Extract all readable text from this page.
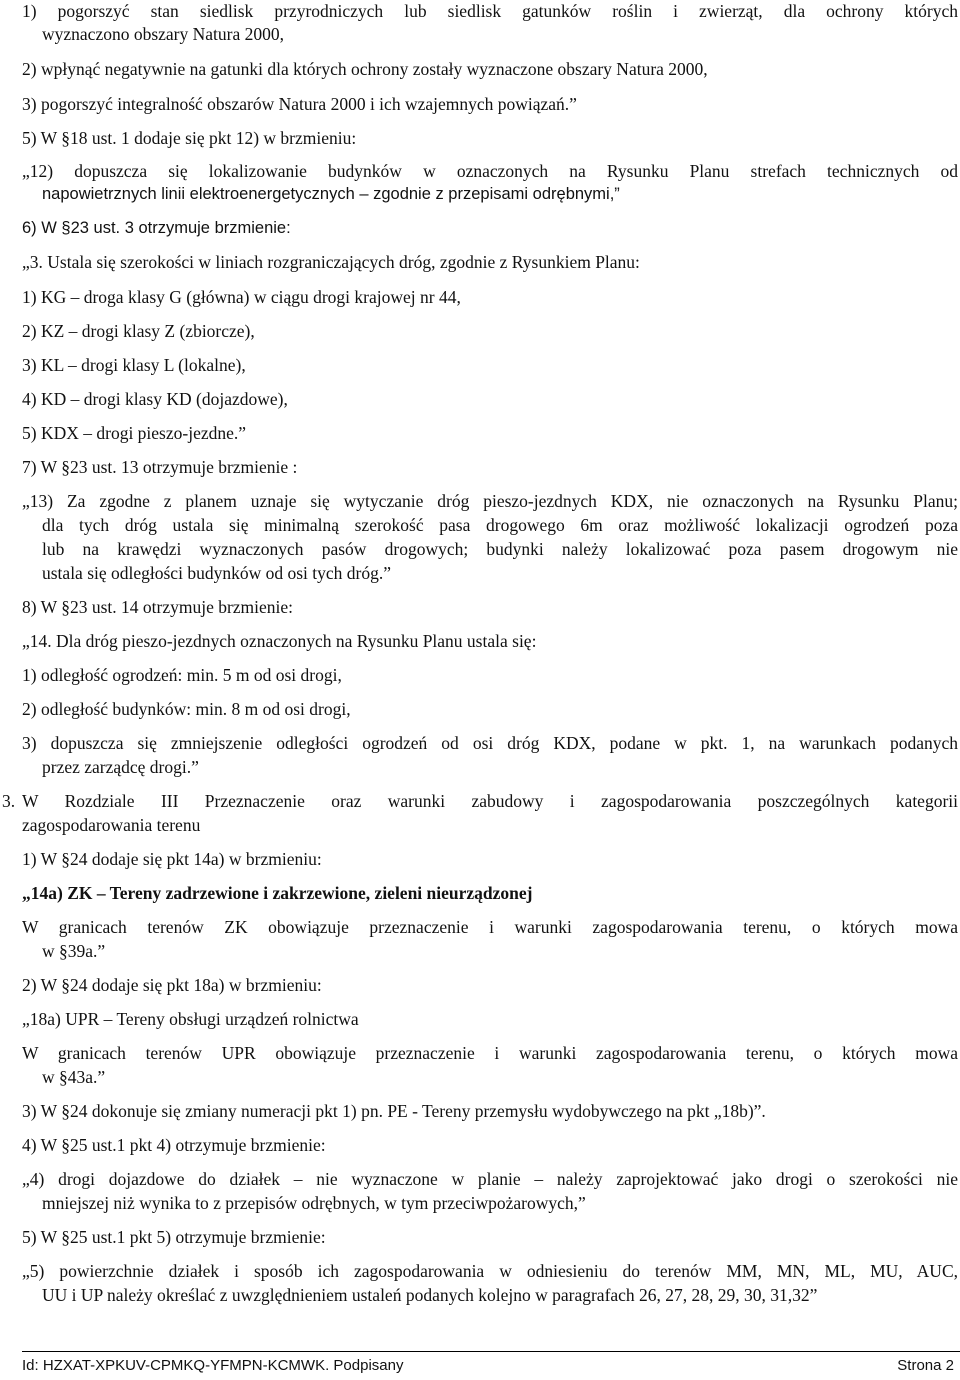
1) pogorszyć stan siedlisk przyrodniczych lub siedlisk gatunków roślin i zwierząt, dla ochrony których

wyznaczono obszary Natura 2000,

2) wpłynąć negatywnie na gatunki dla których ochrony zostały wyznaczone obszary Natura 2000,

3) pogorszyć integralność obszarów Natura 2000 i ich wzajemnych powiązań.”

5) W §18 ust. 1 dodaje się pkt 12) w brzmieniu:

„12) dopuszcza się lokalizowanie budynków w oznaczonych na Rysunku Planu strefach technicznych od

napowietrznych linii elektroenergetycznych – zgodnie z przepisami odrębnymi,”

6) W §23 ust. 3 otrzymuje brzmienie:

„3. Ustala się szerokości w liniach rozgraniczających dróg, zgodnie z Rysunkiem Planu:

1) KG – droga klasy G (główna) w ciągu drogi krajowej nr 44,

2) KZ – drogi klasy Z (zbiorcze),

3) KL – drogi klasy L (lokalne),

4) KD – drogi klasy KD (dojazdowe),

5) KDX – drogi pieszo-jezdne.”

7) W §23 ust. 13 otrzymuje brzmienie :

„13) Za zgodne z planem uznaje się wytyczanie dróg pieszo-jezdnych KDX, nie oznaczonych na Rysunku Planu;

dla tych dróg ustala się minimalną szerokość pasa drogowego 6m oraz możliwość lokalizacji ogrodzeń poza

lub na krawędzi wyznaczonych pasów drogowych; budynki należy lokalizować poza pasem drogowym nie

ustala się odległości budynków od osi tych dróg.”

8) W §23 ust. 14 otrzymuje brzmienie:

„14. Dla dróg pieszo-jezdnych oznaczonych na Rysunku Planu ustala się:

1) odległość ogrodzeń: min. 5 m od osi drogi,

2) odległość budynków: min. 8 m od osi drogi,

3) dopuszcza się zmniejszenie odległości ogrodzeń od osi dróg KDX, podane w pkt. 1, na warunkach podanych

przez zarządcę drogi.”

3. W Rozdziale III Przeznaczenie oraz warunki zabudowy i zagospodarowania poszczególnych kategorii

zagospodarowania terenu

1) W §24 dodaje się pkt 14a) w brzmieniu:

„14a) ZK – Tereny zadrzewione i zakrzewione, zieleni nieurządzonej

W granicach terenów ZK obowiązuje przeznaczenie i warunki zagospodarowania terenu, o których mowa

w §39a.”

2) W §24 dodaje się pkt 18a) w brzmieniu:

„18a) UPR – Tereny obsługi urządzeń rolnictwa

W granicach terenów UPR obowiązuje przeznaczenie i warunki zagospodarowania terenu, o których mowa

w §43a.”

3) W §24 dokonuje się zmiany numeracji pkt 1) pn. PE - Tereny przemysłu wydobywczego na pkt „18b)”.

4) W §25 ust.1 pkt 4) otrzymuje brzmienie:

„4) drogi dojazdowe do działek – nie wyznaczone w planie – należy zaprojektować jako drogi o szerokości nie

mniejszej niż wynika to z przepisów odrębnych, w tym przeciwpożarowych,”

5) W §25 ust.1 pkt 5) otrzymuje brzmienie:

„5) powierzchnie działek i sposób ich zagospodarowania w odniesieniu do terenów MM, MN, ML, MU, AUC,

UU i UP należy określać z uwzględnieniem ustaleń podanych kolejno w paragrafach 26, 27, 28, 29, 30, 31,32”

Id: HZXAT-XPKUV-CPMKQ-YFMPN-KCMWK. Podpisany	Strona 2
